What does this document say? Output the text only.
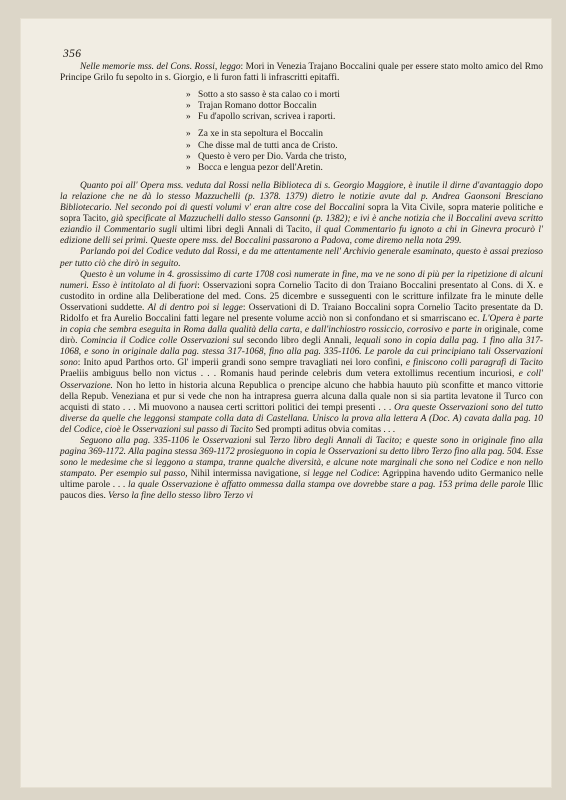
356

Nelle memorie mss. del Cons. Rossi, leggo: Mori in Venezia Trajano Boccalini quale per essere stato molto amico del Rmo Principe Grilo fu sepolto in s. Giorgio, e li furon fatti li infrascritti epitaffi.

» Sotto a sto sasso è sta calao co i morti
» Trajan Romano dottor Boccalin
» Fu d'apollo scrivan, scrivea i raporti.
» Za xe in sta sepoltura el Boccalin
» Che disse mal de tutti anca de Cristo.
» Questo è vero per Dio. Varda che tristo,
» Bocca e lengua pezor dell'Aretin.

Quanto poi all' Opera mss. veduta dal Rossi nella Biblioteca di s. Georgio Maggiore, è inutile il dirne d'avantaggio dopo la relazione che ne dà lo stesso Mazzuchelli (p. 1378. 1379) dietro le notizie avute dal p. Andrea Gaonsoni Bresciano Bibliotecario. Nel secondo poi di questi volumi v' eran altre cose del Boccalini sopra la Vita Civile, sopra materie politiche e sopra Tacito, già specificate al Mazzuchelli dallo stesso Gansonni (p. 1382); e ivi è anche notizia che il Boccalini aveva scritto eziandio il Commentario sugli ultimi libri degli Annali di Tacito, il qual Commentario fu ignoto a chi in Ginevra procurò l' edizione delli sei primi. Queste opere mss. del Boccalini passarono a Padova, come diremo nella nota 299.

Parlando poi del Codice veduto dal Rossi, e da me attentamente nell' Archivio generale esaminato, questo è assai prezioso per tutto ciò che dirò in seguito.

Questo è un volume in 4. grossissimo di carte 1708 così numerate in fine, ma ve ne sono di più per la ripetizione di alcuni numeri. Esso è intitolato al di fuori: Osservazioni sopra Cornelio Tacito di don Traiano Boccalini presentato al Cons. di X. e custodito in ordine alla Deliberatione del med. Cons. 25 dicembre e susseguenti con le scritture infilzate fra le minute delle Osservationi suddette. Al di dentro poi si legge: Osservationi di D. Traiano Boccalini sopra Cornelio Tacito presentate da D. Ridolfo et fra Aurelio Boccalini fatti legare nel presente volume acciò non si confondano et si smarriscano ec. L'Opera è parte in copia che sembra eseguita in Roma dalla qualità della carta, e dall'inchiostro rossiccio, corrosivo e parte in originale, come dirò. Comincia il Codice colle Osservazioni sul secondo libro degli Annali, lequali sono in copia dalla pag. 1 fino alla 317-1068, e sono in originale dalla pag. stessa 317-1068, fino alla pag. 335-1106. Le parole da cui principiano tali Osservazioni sono: Inito apud Parthos orto. Gl' imperii grandi sono sempre travagliati nei loro confini, e finiscono colli paragrafi di Tacito Praeliis ambiguus bello non victus . . . Romanis haud perinde celebris dum vetera extollimus recentium incuriosi, e coll' Osservazione. Non ho letto in historia alcuna Republica o prencipe alcuno che habbia hauuto più sconfitte et manco vittorie della Repub. Veneziana et pur si vede che non ha intrapresa guerra alcuna dalla quale non si sia partita levatone il Turco con acquisti di stato . . . Mi muovono a nausea certi scrittori politici dei tempi presenti . . . Ora queste Osservazioni sono del tutto diverse da quelle che leggonsi stampate colla data di Castellana. Unisco la prova alla lettera A (Doc. A) cavata dalla pag. 10 del Codice, cioè le Osservazioni sul passo di Tacito Sed prompti aditus obvia comitas . . .

Seguono alla pag. 335-1106 le Osservazioni sul Terzo libro degli Annali di Tacito; e queste sono in originale fino alla pagina 369-1172. Alla pagina stessa 369-1172 prosieguono in copia le Osservazioni su detto libro Terzo fino alla pag. 504. Esse sono le medesime che si leggono a stampa, tranne qualche diversità, e alcune note marginali che sono nel Codice e non nello stampato. Per esempio sul passo, Nihil intermissa navigatione, si legge nel Codice: Agrippina havendo udito Germanico nelle ultime parole . . . la quale Osservazione è affatto ommessa dalla stampa ove dovrebbe stare a pag. 153 prima delle parole Illic paucos dies. Verso la fine dello stesso libro Terzo vi
